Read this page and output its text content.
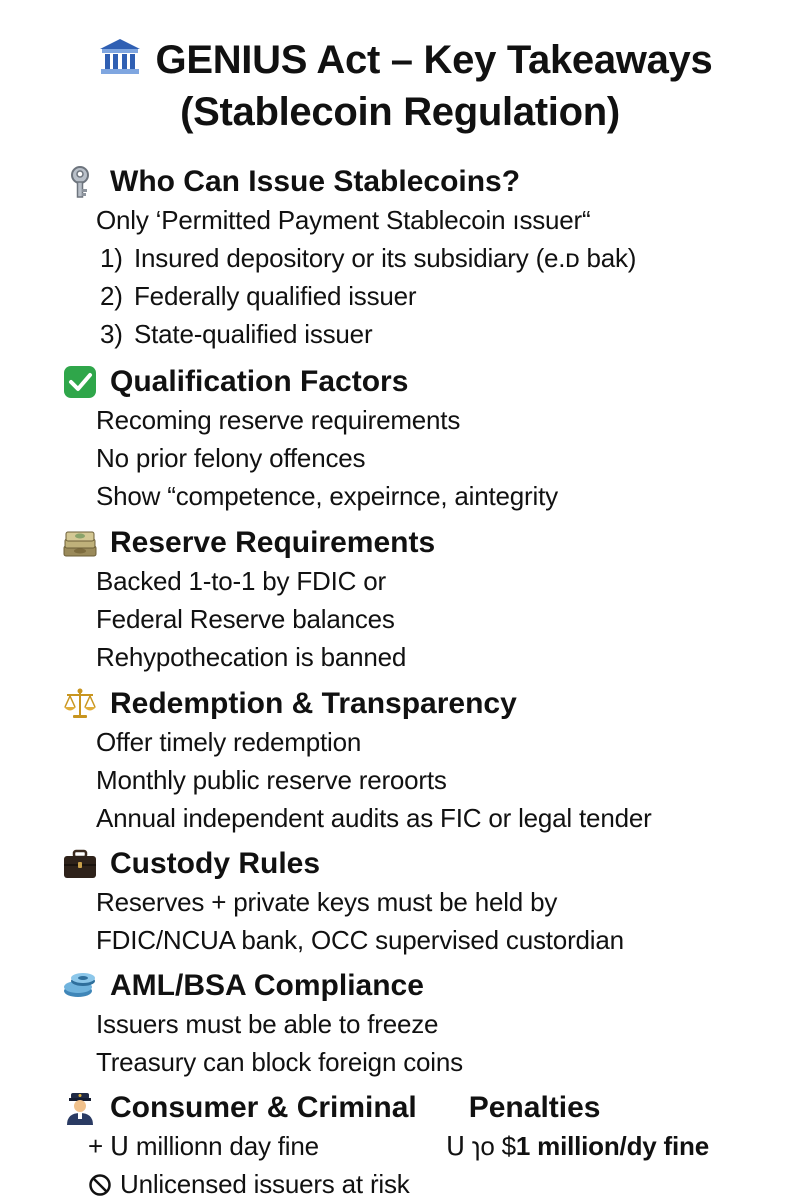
GENIUS Act – Key Takeaways
(Stablecoin Regulation)
Who Can Issue Stablecoins?
Only ‘Permitted Payment Stablecoin ıssuer“
1) Insured depository or its subsidiary (e.ᴅ bak)
2) Federally qualified issuer
3) State-qualified issuer
Qualification Factors
Recoming reserve requirements
No prior felony offences
Show “competence, expeirnce, aintegrity
Reserve Requirements
Backed 1-to-1 by FDIC or
Federal Reserve balances
Rehypothecation is banned
Redemption & Transparency
Offer timely redemption
Monthly public reserve reroorts
Annual independent audits as FIC or legal tender
Custody Rules
Reserves + private keys must be held by
FDIC/NCUA bank, OCC supervised custordian
AML/BSA Compliance
Issuers must be able to freeze
Treasury can block foreign coins
Consumer & Criminal Penalties
+ Ս millionn day fine	Ս ɿo $1 million/dy fine
Unlicensed issuers at ṙisk
